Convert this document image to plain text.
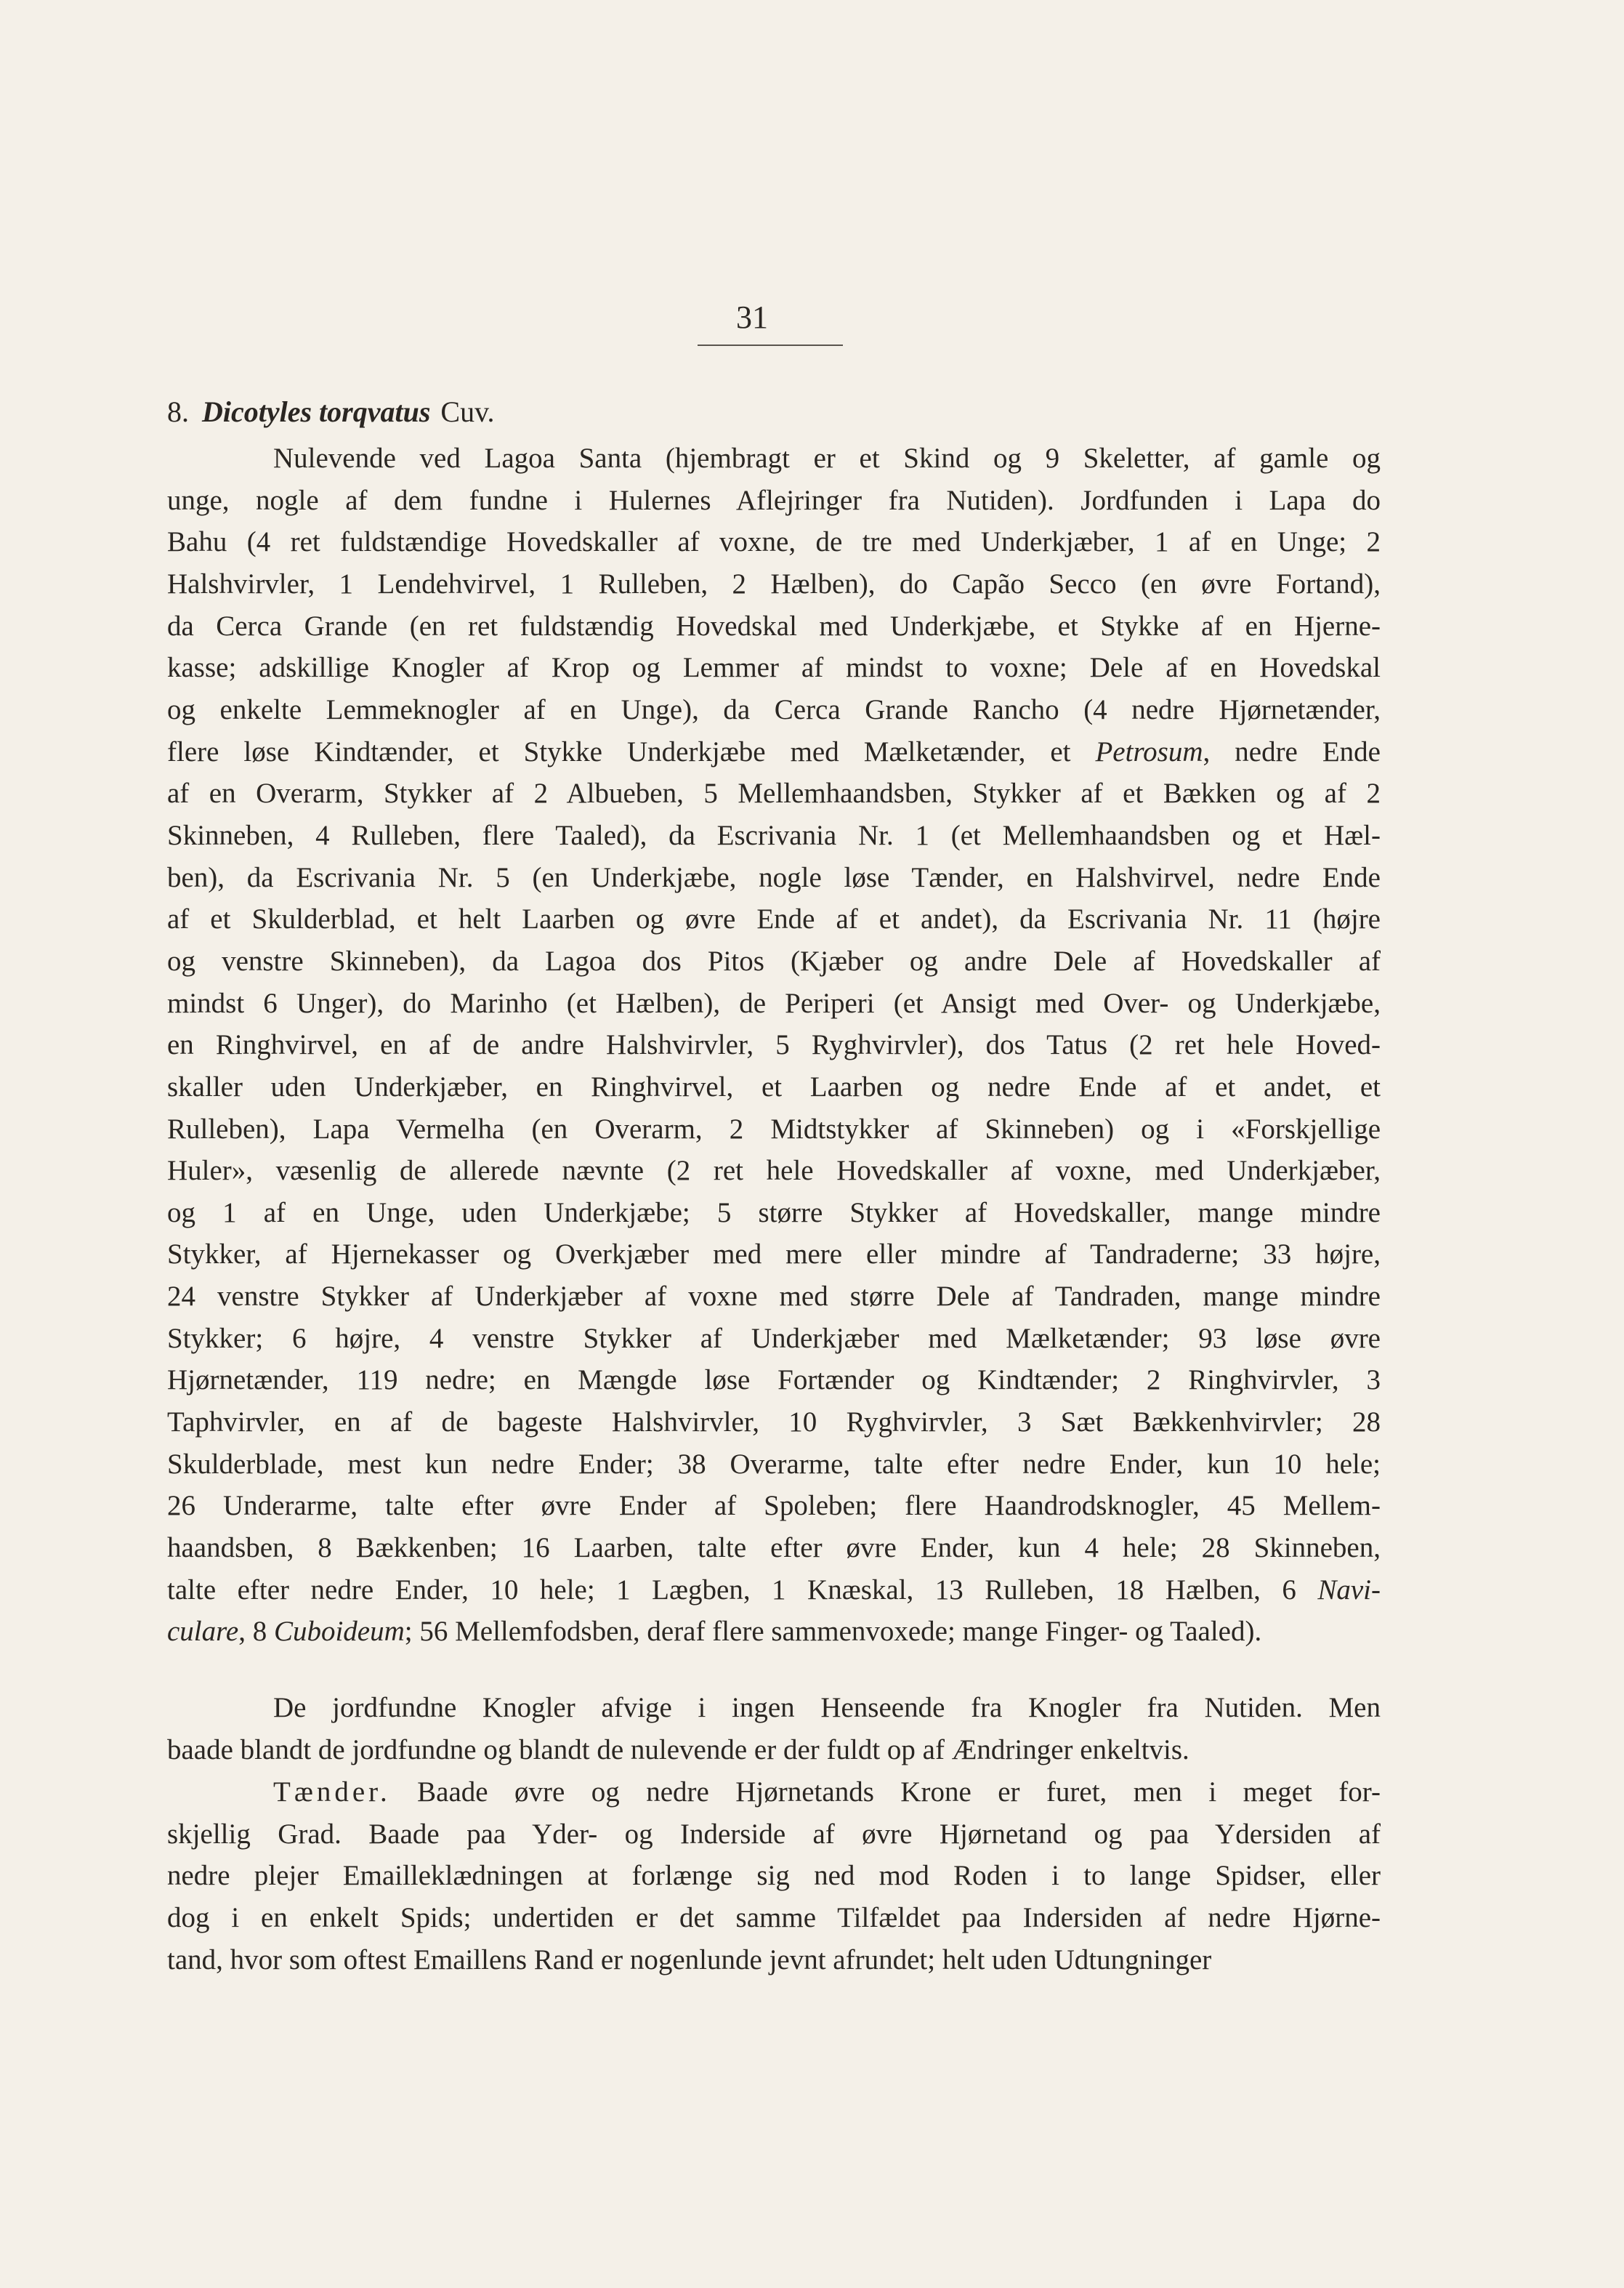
31
8. Dicotyles torqvatus Cuv.
Nulevende ved Lagoa Santa (hjembragt er et Skind og 9 Skeletter, af gamle og
unge, nogle af dem fundne i Hulernes Aflejringer fra Nutiden). Jordfunden i Lapa do
Bahu (4 ret fuldstændige Hovedskaller af voxne, de tre med Underkjæber, 1 af en Unge; 2
Halshvirvler, 1 Lendehvirvel, 1 Rulleben, 2 Hælben), do Capão Secco (en øvre Fortand),
da Cerca Grande (en ret fuldstændig Hovedskal med Underkjæbe, et Stykke af en Hjerne-
kasse; adskillige Knogler af Krop og Lemmer af mindst to voxne; Dele af en Hovedskal
og enkelte Lemmeknogler af en Unge), da Cerca Grande Rancho (4 nedre Hjørnetænder,
flere løse Kindtænder, et Stykke Underkjæbe med Mælketænder, et Petrosum, nedre Ende
af en Overarm, Stykker af 2 Albueben, 5 Mellemhaandsben, Stykker af et Bækken og af 2
Skinneben, 4 Rulleben, flere Taaled), da Escrivania Nr. 1 (et Mellemhaandsben og et Hæl-
ben), da Escrivania Nr. 5 (en Underkjæbe, nogle løse Tænder, en Halshvirvel, nedre Ende
af et Skulderblad, et helt Laarben og øvre Ende af et andet), da Escrivania Nr. 11 (højre
og venstre Skinneben), da Lagoa dos Pitos (Kjæber og andre Dele af Hovedskaller af
mindst 6 Unger), do Marinho (et Hælben), de Periperi (et Ansigt med Over- og Underkjæbe,
en Ringhvirvel, en af de andre Halshvirvler, 5 Ryghvirvler), dos Tatus (2 ret hele Hoved-
skaller uden Underkjæber, en Ringhvirvel, et Laarben og nedre Ende af et andet, et
Rulleben), Lapa Vermelha (en Overarm, 2 Midtstykker af Skinneben) og i «Forskjellige
Huler», væsenlig de allerede nævnte (2 ret hele Hovedskaller af voxne, med Underkjæber,
og 1 af en Unge, uden Underkjæbe; 5 større Stykker af Hovedskaller, mange mindre
Stykker, af Hjernekasser og Overkjæber med mere eller mindre af Tandraderne; 33 højre,
24 venstre Stykker af Underkjæber af voxne med større Dele af Tandraden, mange mindre
Stykker; 6 højre, 4 venstre Stykker af Underkjæber med Mælketænder; 93 løse øvre
Hjørnetænder, 119 nedre; en Mængde løse Fortænder og Kindtænder; 2 Ringhvirvler, 3
Taphvirvler, en af de bageste Halshvirvler, 10 Ryghvirvler, 3 Sæt Bækkenhvirvler; 28
Skulderblade, mest kun nedre Ender; 38 Overarme, talte efter nedre Ender, kun 10 hele;
26 Underarme, talte efter øvre Ender af Spoleben; flere Haandrodsknogler, 45 Mellem-
haandsben, 8 Bækkenben; 16 Laarben, talte efter øvre Ender, kun 4 hele; 28 Skinneben,
talte efter nedre Ender, 10 hele; 1 Lægben, 1 Knæskal, 13 Rulleben, 18 Hælben, 6 Navi-
culare, 8 Cuboideum; 56 Mellemfodsben, deraf flere sammenvoxede; mange Finger- og Taaled).
De jordfundne Knogler afvige i ingen Henseende fra Knogler fra Nutiden. Men
baade blandt de jordfundne og blandt de nulevende er der fuldt op af Ændringer enkeltvis.
Tænder. Baade øvre og nedre Hjørnetands Krone er furet, men i meget for-
skjellig Grad. Baade paa Yder- og Inderside af øvre Hjørnetand og paa Ydersiden af
nedre plejer Emailleklædningen at forlænge sig ned mod Roden i to lange Spidser, eller
dog i en enkelt Spids; undertiden er det samme Tilfældet paa Indersiden af nedre Hjørne-
tand, hvor som oftest Emaillens Rand er nogenlunde jevnt afrundet; helt uden Udtungninger
